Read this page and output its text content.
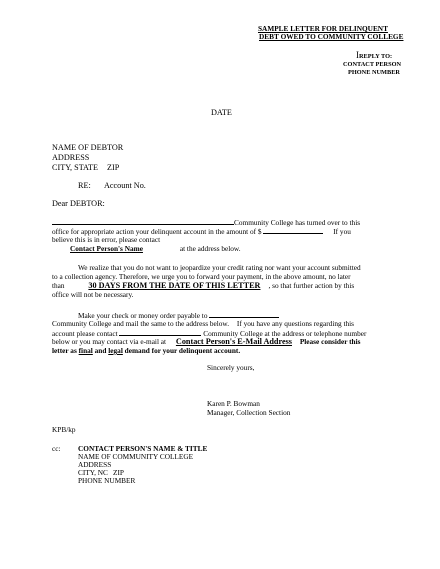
SAMPLE LETTER FOR DELINQUENT
DEBT OWED TO COMMUNITY COLLEGE
IREPLY TO:
CONTACT PERSON
PHONE NUMBER
DATE
NAME OF DEBTOR
ADDRESS
CITY, STATE ZIP
RE: Account No.
Dear DEBTOR:
Community College has turned over to this
office for appropriate action your delinquent account in the amount of $	If you
believe this is in error, please contact
Contact Person's Name	at the address below.
We realize that you do not want to jeopardize your credit rating nor want your account submitted
to a collection agency. Therefore, we urge you to forward your payment, in the above amount, no later
than	30 DAYS FROM THE DATE OF THIS LETTER , so that further action by this
office will not be necessary.
Make your check or money order payable to
Community College and mail the same to the address below. If you have any questions regarding this
account please contact	Community College at the address or telephone number
below or you may contact via e-mail at Contact Person's E-Mail Address Please consider this
letter as final and legal demand for your delinquent account.
Sincerely yours,
Karen P. Bowman
Manager, Collection Section
KPB/kp
cc: CONTACT PERSON'S NAME & TITLE
NAME OF COMMUNITY COLLEGE
ADDRESS
CITY, NC ZIP
PHONE NUMBER
